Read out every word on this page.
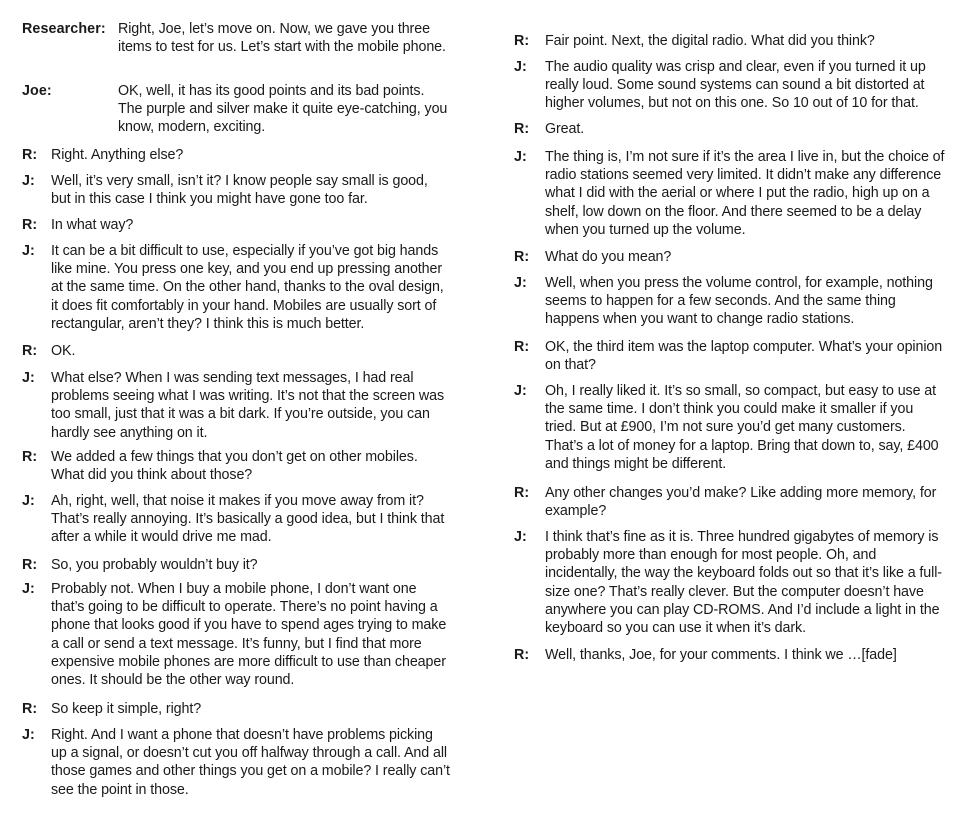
Researcher: Right, Joe, let’s move on. Now, we gave you three items to test for us. Let’s start with the mobile phone.
Joe:	OK, well, it has its good points and its bad points. The purple and silver make it quite eye-catching, you know, modern, exciting.
R: Right. Anything else?
J: Well, it’s very small, isn’t it? I know people say small is good, but in this case I think you might have gone too far.
R: In what way?
J: It can be a bit difficult to use, especially if you’ve got big hands like mine. You press one key, and you end up pressing another at the same time. On the other hand, thanks to the oval design, it does fit comfortably in your hand. Mobiles are usually sort of rectangular, aren’t they? I think this is much better.
R: OK.
J: What else? When I was sending text messages, I had real problems seeing what I was writing. It’s not that the screen was too small, just that it was a bit dark. If you’re outside, you can hardly see anything on it.
R: We added a few things that you don’t get on other mobiles. What did you think about those?
J: Ah, right, well, that noise it makes if you move away from it? That’s really annoying. It’s basically a good idea, but I think that after a while it would drive me mad.
R: So, you probably wouldn’t buy it?
J: Probably not. When I buy a mobile phone, I don’t want one that’s going to be difficult to operate. There’s no point having a phone that looks good if you have to spend ages trying to make a call or send a text message. It’s funny, but I find that more expensive mobile phones are more difficult to use than cheaper ones. It should be the other way round.
R: So keep it simple, right?
J: Right. And I want a phone that doesn’t have problems picking up a signal, or doesn’t cut you off halfway through a call. And all those games and other things you get on a mobile? I really can’t see the point in those.
R: Fair point. Next, the digital radio. What did you think?
J: The audio quality was crisp and clear, even if you turned it up really loud. Some sound systems can sound a bit distorted at higher volumes, but not on this one. So 10 out of 10 for that.
R: Great.
J: The thing is, I’m not sure if it’s the area I live in, but the choice of radio stations seemed very limited. It didn’t make any difference what I did with the aerial or where I put the radio, high up on a shelf, low down on the floor. And there seemed to be a delay when you turned up the volume.
R: What do you mean?
J: Well, when you press the volume control, for example, nothing seems to happen for a few seconds. And the same thing happens when you want to change radio stations.
R: OK, the third item was the laptop computer. What’s your opinion on that?
J: Oh, I really liked it. It’s so small, so compact, but easy to use at the same time. I don’t think you could make it smaller if you tried. But at £900, I’m not sure you’d get many customers. That’s a lot of money for a laptop. Bring that down to, say, £400 and things might be different.
R: Any other changes you’d make? Like adding more memory, for example?
J: I think that’s fine as it is. Three hundred gigabytes of memory is probably more than enough for most people. Oh, and incidentally, the way the keyboard folds out so that it’s like a full-size one? That’s really clever. But the computer doesn’t have anywhere you can play CD-ROMS. And I’d include a light in the keyboard so you can use it when it’s dark.
R: Well, thanks, Joe, for your comments. I think we …[fade]
